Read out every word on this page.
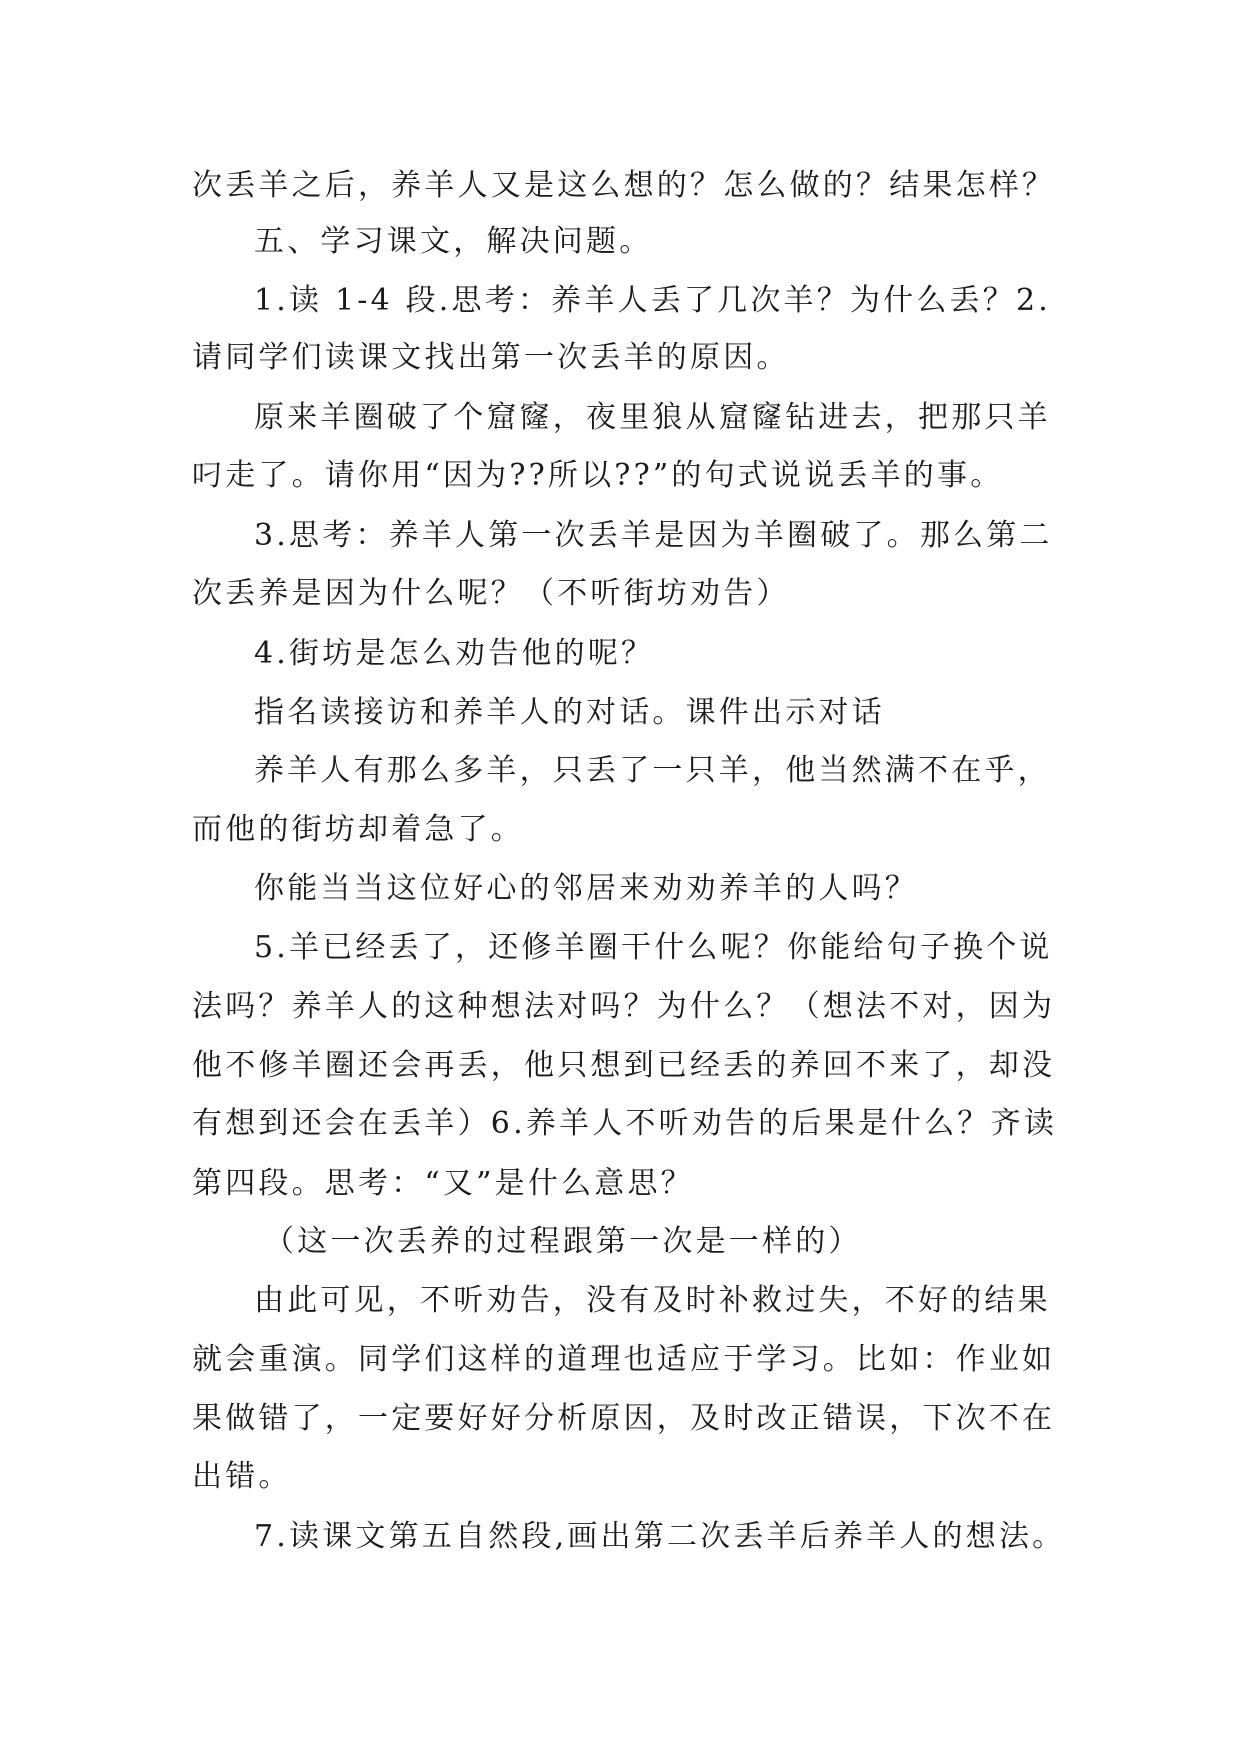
次丢羊之后，养羊人又是这么想的？怎么做的？结果怎样？
五、学习课文，解决问题。
1.读 1-4 段.思考：养羊人丢了几次羊？为什么丢？2.
请同学们读课文找出第一次丢羊的原因。
原来羊圈破了个窟窿，夜里狼从窟窿钻进去，把那只羊
叼走了。请你用“因为??所以??”的句式说说丢羊的事。
3.思考：养羊人第一次丢羊是因为羊圈破了。那么第二
次丢养是因为什么呢？（不听街坊劝告）
4.街坊是怎么劝告他的呢？
指名读接访和养羊人的对话。课件出示对话
养羊人有那么多羊，只丢了一只羊，他当然满不在乎，
而他的街坊却着急了。
你能当当这位好心的邻居来劝劝养羊的人吗？
5.羊已经丢了，还修羊圈干什么呢？你能给句子换个说
法吗？养羊人的这种想法对吗？为什么？（想法不对，因为
他不修羊圈还会再丢，他只想到已经丢的养回不来了，却没
有想到还会在丢羊）6.养羊人不听劝告的后果是什么？齐读
第四段。思考：“又”是什么意思？
（这一次丢养的过程跟第一次是一样的）
由此可见，不听劝告，没有及时补救过失，不好的结果
就会重演。同学们这样的道理也适应于学习。比如：作业如
果做错了，一定要好好分析原因，及时改正错误，下次不在
出错。
7.读课文第五自然段,画出第二次丢羊后养羊人的想法。
